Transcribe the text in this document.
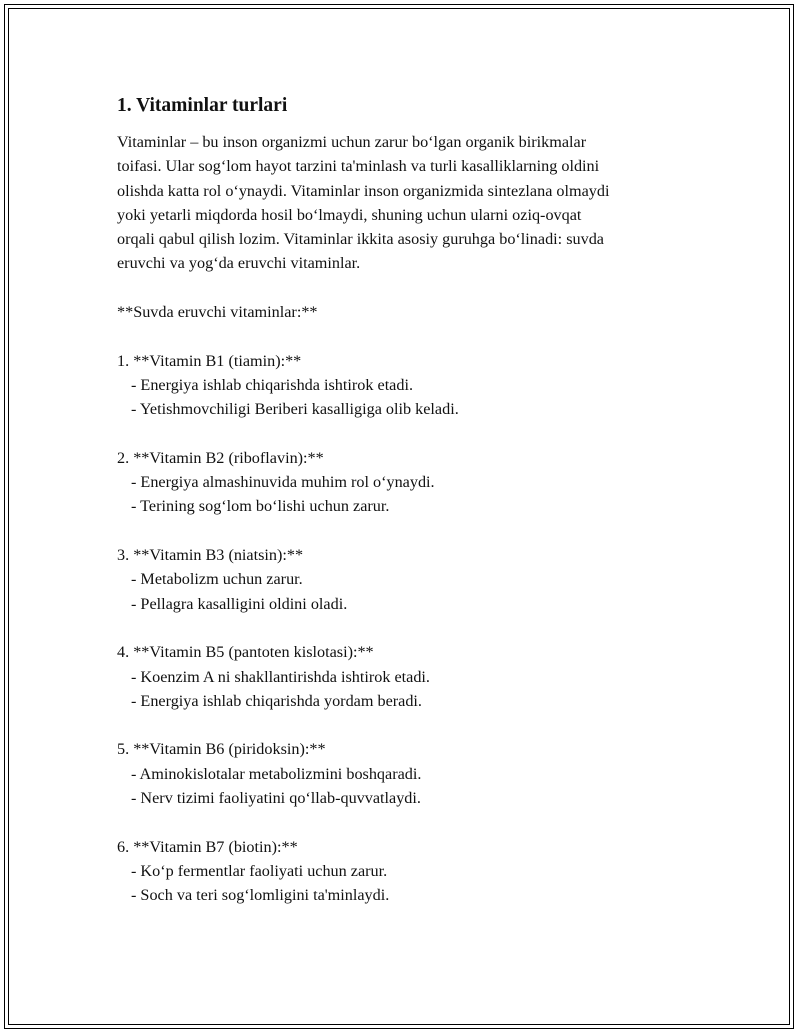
1. Vitaminlar turlari

Vitaminlar – bu inson organizmi uchun zarur bo‘lgan organik birikmalar
toifasi. Ular sog‘lom hayot tarzini ta'minlash va turli kasalliklarning oldini
olishda katta rol o‘ynaydi. Vitaminlar inson organizmida sintezlana olmaydi
yoki yetarli miqdorda hosil bo‘lmaydi, shuning uchun ularni oziq-ovqat
orqali qabul qilish lozim. Vitaminlar ikkita asosiy guruhga bo‘linadi: suvda
eruvchi va yog‘da eruvchi vitaminlar.

**Suvda eruvchi vitaminlar:**

1. **Vitamin B1 (tiamin):**
- Energiya ishlab chiqarishda ishtirok etadi.
- Yetishmovchiligi Beriberi kasalligiga olib keladi.
2. **Vitamin B2 (riboflavin):**
- Energiya almashinuvida muhim rol o‘ynaydi.
- Terining sog‘lom bo‘lishi uchun zarur.
3. **Vitamin B3 (niatsin):**
- Metabolizm uchun zarur.
- Pellagra kasalligini oldini oladi.
4. **Vitamin B5 (pantoten kislotasi):**
- Koenzim A ni shakllantirishda ishtirok etadi.
- Energiya ishlab chiqarishda yordam beradi.
5. **Vitamin B6 (piridoksin):**
- Aminokislotalar metabolizmini boshqaradi.
- Nerv tizimi faoliyatini qo‘llab-quvvatlaydi.
6. **Vitamin B7 (biotin):**
- Ko‘p fermentlar faoliyati uchun zarur.
- Soch va teri sog‘lomligini ta'minlaydi.
